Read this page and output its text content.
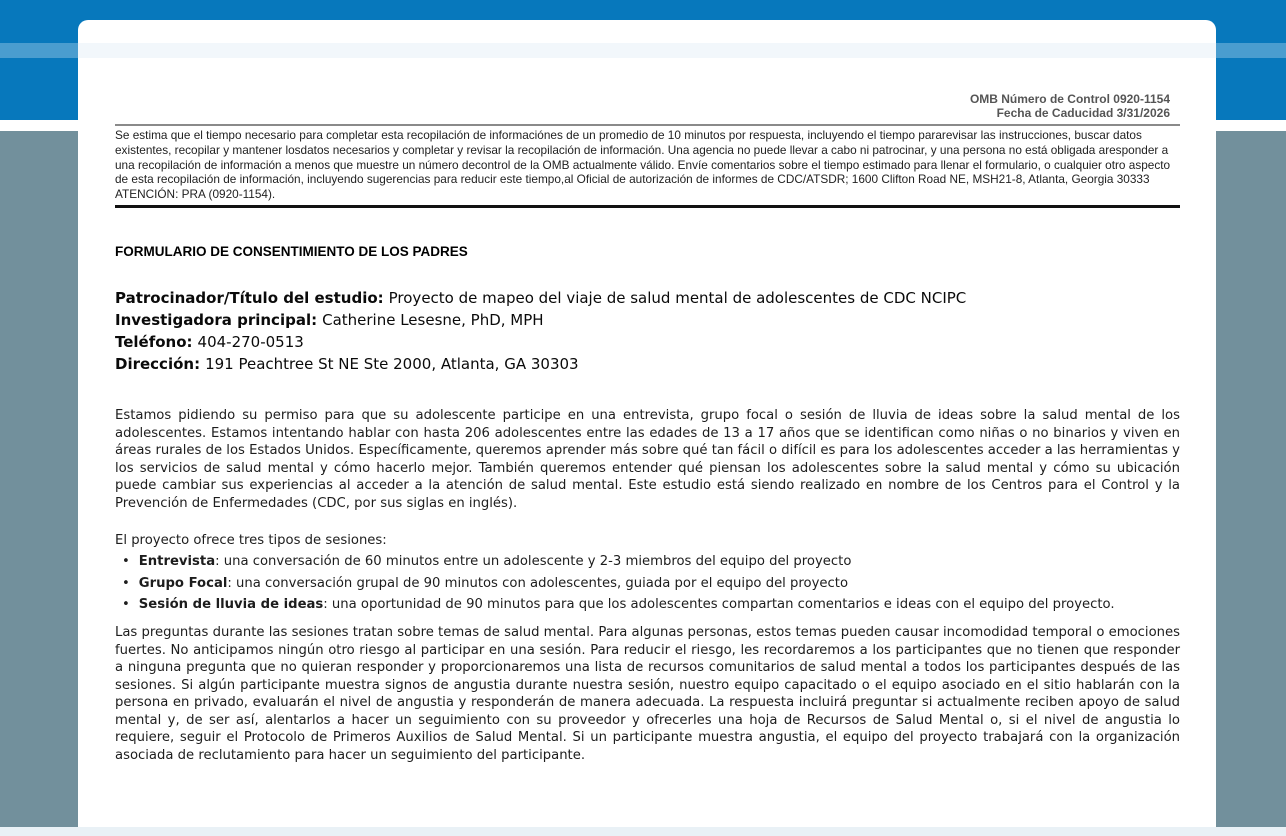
OMB Número de Control 0920-1154
Fecha de Caducidad 3/31/2026
Se estima que el tiempo necesario para completar esta recopilación de informaciónes de un promedio de 10 minutos por respuesta, incluyendo el tiempo pararevisar las instrucciones, buscar datos existentes, recopilar y mantener losdatos necesarios y completar y revisar la recopilación de información. Una agencia no puede llevar a cabo ni patrocinar, y una persona no está obligada aresponder a una recopilación de información a menos que muestre un número decontrol de la OMB actualmente válido. Envíe comentarios sobre el tiempo estimado para llenar el formulario, o cualquier otro aspecto de esta recopilación de información, incluyendo sugerencias para reducir este tiempo,al Oficial de autorización de informes de CDC/ATSDR; 1600 Clifton Road NE, MSH21-8, Atlanta, Georgia 30333 ATENCIÓN: PRA (0920-1154).
FORMULARIO DE CONSENTIMIENTO DE LOS PADRES
Patrocinador/Título del estudio: Proyecto de mapeo del viaje de salud mental de adolescentes de CDC NCIPC
Investigadora principal: Catherine Lesesne, PhD, MPH
Teléfono: 404-270-0513
Dirección: 191 Peachtree St NE Ste 2000, Atlanta, GA 30303

Estamos pidiendo su permiso para que su adolescente participe en una entrevista, grupo focal o sesión de lluvia de ideas sobre la salud mental de los adolescentes. Estamos intentando hablar con hasta 206 adolescentes entre las edades de 13 a 17 años que se identifican como niñas o no binarios y viven en áreas rurales de los Estados Unidos. Específicamente, queremos aprender más sobre qué tan fácil o difícil es para los adolescentes acceder a las herramientas y los servicios de salud mental y cómo hacerlo mejor. También queremos entender qué piensan los adolescentes sobre la salud mental y cómo su ubicación puede cambiar sus experiencias al acceder a la atención de salud mental. Este estudio está siendo realizado en nombre de los Centros para el Control y la Prevención de Enfermedades (CDC, por sus siglas en inglés).

El proyecto ofrece tres tipos de sesiones:

• Entrevista: una conversación de 60 minutos entre un adolescente y 2-3 miembros del equipo del proyecto

• Grupo Focal: una conversación grupal de 90 minutos con adolescentes, guiada por el equipo del proyecto

• Sesión de lluvia de ideas: una oportunidad de 90 minutos para que los adolescentes compartan comentarios e ideas con el equipo del proyecto.

Las preguntas durante las sesiones tratan sobre temas de salud mental. Para algunas personas, estos temas pueden causar incomodidad temporal o emociones fuertes. No anticipamos ningún otro riesgo al participar en una sesión. Para reducir el riesgo, les recordaremos a los participantes que no tienen que responder a ninguna pregunta que no quieran responder y proporcionaremos una lista de recursos comunitarios de salud mental a todos los participantes después de las sesiones. Si algún participante muestra signos de angustia durante nuestra sesión, nuestro equipo capacitado o el equipo asociado en el sitio hablarán con la persona en privado, evaluarán el nivel de angustia y responderán de manera adecuada. La respuesta incluirá preguntar si actualmente reciben apoyo de salud mental y, de ser así, alentarlos a hacer un seguimiento con su proveedor y ofrecerles una hoja de Recursos de Salud Mental o, si el nivel de angustia lo requiere, seguir el Protocolo de Primeros Auxilios de Salud Mental. Si un participante muestra angustia, el equipo del proyecto trabajará con la organización asociada de reclutamiento para hacer un seguimiento del participante.
